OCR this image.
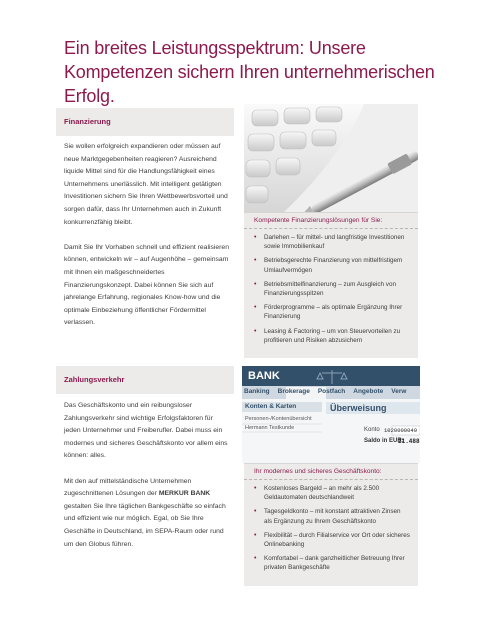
Ein breites Leistungsspektrum: Unsere Kompetenzen sichern Ihren unternehmerischen Erfolg.
Finanzierung

Sie wollen erfolgreich expandieren oder müssen auf neue Marktgegebenheiten reagieren? Ausreichend liquide Mittel sind für die Handlungsfähigkeit eines Unternehmens unerlässlich. Mit intelligent getätigten Investitionen sichern Sie Ihren Wettbewerbsvorteil und sorgen dafür, dass Ihr Unternehmen auch in Zukunft konkurrenzfähig bleibt.

Damit Sie Ihr Vorhaben schnell und effizient realisieren können, entwickeln wir – auf Augenhöhe – gemeinsam mit Ihnen ein maßgeschneidertes Finanzierungskonzept. Dabei können Sie sich auf jahrelange Erfahrung, regionales Know-how und die optimale Einbeziehung öffentlicher Fördermittel verlassen.

Kompetente Finanzierungslösungen für Sie:
• Darlehen – für mittel- und langfristige Investitionen sowie Immobilienkauf
• Betriebsgerechte Finanzierung von mittelfristigem Umlaufvermögen
• Betriebsmittelfinanzierung – zum Ausgleich von Finanzierungsspitzen
• Förderprogramme – als optimale Ergänzung Ihrer Finanzierung
• Leasing & Factoring – um von Steuervorteilen zu profitieren und Risiken abzusichern
Zahlungsverkehr

Das Geschäftskonto und ein reibungsloser Zahlungsverkehr sind wichtige Erfolgsfaktoren für jeden Unternehmer und Freiberufler. Dabei muss ein modernes und sicheres Geschäftskonto vor allem eins können: alles.

Mit den auf mittelständische Unternehmen zugeschnittenen Lösungen der MERKUR BANK gestalten Sie Ihre täglichen Bankgeschäfte so einfach und effizient wie nur möglich. Egal, ob Sie Ihre Geschäfte in Deutschland, im SEPA-Raum oder rund um den Globus führen.

BANK
Banking	Brokerage	Postfach	Angebote	Verw
Konten & Karten
Personen-/Kontenübersicht
Hermann Testkunde
Überweisung
Konto 1020000049
Saldo in EUR:
21.488
Ihr modernes und sicheres Geschäftskonto:
• Kostenloses Bargeld – an mehr als 2.500 Geldautomaten deutschlandweit
• Tagesgeldkonto – mit konstant attraktiven Zinsen als Ergänzung zu Ihrem Geschäftskonto
• Flexibilität – durch Filialservice vor Ort oder sicheres Onlinebanking
• Komfortabel – dank ganzheitlicher Betreuung Ihrer privaten Bankgeschäfte
